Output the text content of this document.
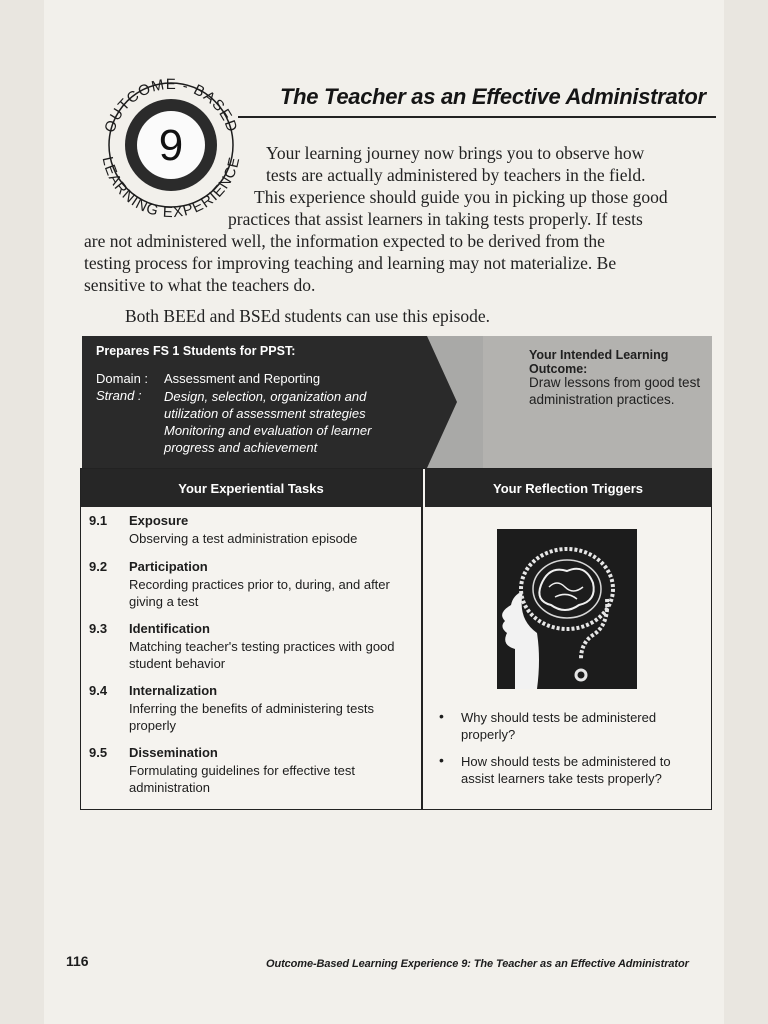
OUTCOME - BASED
LEARNING EXPERIENCE
9
The Teacher as an Effective Administrator
Your learning journey now brings you to observe how
tests are actually administered by teachers in the field.
This experience should guide you in picking up those good
practices that assist learners in taking tests properly. If tests
are not administered well, the information expected to be derived from the
testing process for improving teaching and learning may not materialize. Be
sensitive to what the teachers do.
Both BEEd and BSEd students can use this episode.
Your Intended Learning Outcome:
Draw lessons from good test administration practices.
Prepares FS 1 Students for PPST:
Domain : Assessment and Reporting
Strand : Design, selection, organization and
utilization of assessment strategies
Monitoring and evaluation of learner
progress and achievement
Your Experiential Tasks	Your Reflection Triggers
9.1 Exposure
Observing a test administration episode
9.2 Participation
Recording practices prior to, during, and after giving a test
9.3 Identification
Matching teacher's testing practices with good student behavior
9.4 Internalization
Inferring the benefits of administering tests properly
9.5 Dissemination
Formulating guidelines for effective test administration
• Why should tests be administered properly?
• How should tests be administered to assist learners take tests properly?
116	Outcome-Based Learning Experience 9: The Teacher as an Effective Administrator
